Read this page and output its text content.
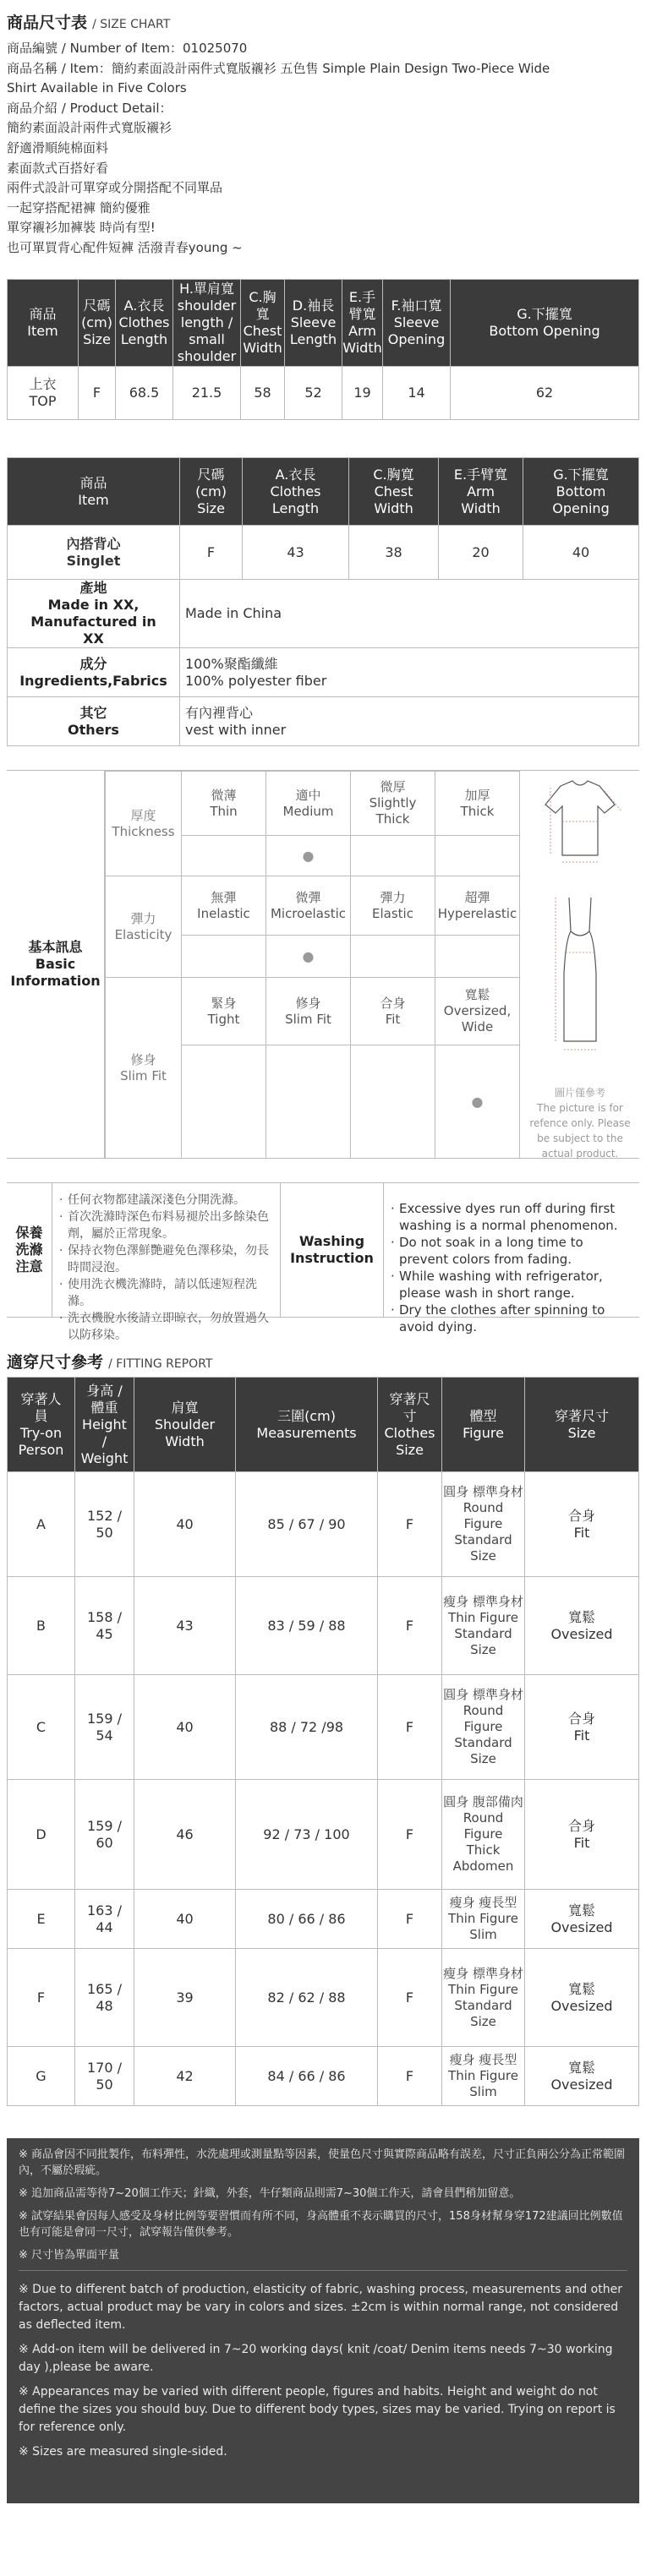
商品尺寸表 / SIZE CHART
商品編號 / Number of Item：01025070
商品名稱 / Item：簡約素面設計兩件式寬版襯衫 五色售 Simple Plain Design Two-Piece Wide
Shirt Available in Five Colors
商品介紹 / Product Detail：
簡約素面設計兩件式寬版襯衫
舒適滑順純棉面料
素面款式百搭好看
兩件式設計可單穿或分開搭配不同單品
一起穿搭配裙褲 簡約優雅
單穿襯衫加褲裝 時尚有型!
也可單買背心配件短褲 活潑青春young ~
商品
Item	尺碼
(cm)
Size	A.衣長
Clothes
Length	H.單肩寬
shoulder
length /
small
shoulder	C.胸
寬
Chest
Width	D.袖長
Sleeve
Length	E.手
臂寬
Arm
Width	F.袖口寬
Sleeve
Opening	G.下擺寬
Bottom Opening
上衣
TOP	F	68.5	21.5	58	52	19	14	62
商品
Item	尺碼
(cm)
Size	A.衣長
Clothes
Length	C.胸寬
Chest
Width	E.手臂寬
Arm
Width	G.下擺寬
Bottom
Opening
內搭背心
Singlet	F	43	38	20	40
產地
Made in XX,
Manufactured in
XX	Made in China				
成分
Ingredients,Fabrics	100%聚酯纖維
100% polyester fiber				
其它
Others	有內裡背心
vest with inner				
基本訊息
Basic
Information
厚度
Thickness	微薄
Thin	適中
Medium	微厚
Slightly
Thick	加厚
Thick
		●		
彈力
Elasticity	無彈
Inelastic	微彈
Microelastic	彈力
Elastic	超彈
Hyperelastic
		●		
修身
Slim Fit	緊身
Tight	修身
Slim Fit	合身
Fit	寬鬆
Oversized,
Wide
				●
圖片僅參考
The picture is for
refence only. Please
be subject to the
actual product.
保養
洗滌
注意
· 任何衣物都建議深淺色分開洗滌。
· 首次洗滌時深色布料易褪於出多餘染色劑，屬於正常現象。
· 保持衣物色澤鮮艷避免色澤移染，勿長時間浸泡。
· 使用洗衣機洗滌時，請以低速短程洗滌。
· 洗衣機脫水後請立即晾衣，勿放置過久以防移染。
Washing
Instruction
· Excessive dyes run off during first washing is a normal phenomenon.
· Do not soak in a long time to prevent colors from fading.
· While washing with refrigerator, please wash in short range.
· Dry the clothes after spinning to avoid dying.
適穿尺寸參考 / FITTING REPORT
穿著人
員
Try-on
Person	身高 /
體重
Height
/
Weight	肩寬
Shoulder
Width	三圍(cm)
Measurements	穿著尺
寸
Clothes
Size	體型
Figure	穿著尺寸
Size
A	152 /
50	40	85 / 67 / 90	F	圓身 標準身材
Round
Figure
Standard
Size	合身
Fit
B	158 /
45	43	83 / 59 / 88	F	瘦身 標準身材
Thin Figure
Standard
Size	寬鬆
Ovesized
C	159 /
54	40	88 / 72 /98	F	圓身 標準身材
Round
Figure
Standard
Size	合身
Fit
D	159 /
60	46	92 / 73 / 100	F	圓身 腹部備肉
Round
Figure
Thick
Abdomen	合身
Fit
E	163 /
44	40	80 / 66 / 86	F	瘦身 瘦長型
Thin Figure
Slim	寬鬆
Ovesized
F	165 /
48	39	82 / 62 / 88	F	瘦身 標準身材
Thin Figure
Standard
Size	寬鬆
Ovesized
G	170 /
50	42	84 / 66 / 86	F	瘦身 瘦長型
Thin Figure
Slim	寬鬆
Ovesized

※ 商品會因不同批製作，布料彈性，水洗處理或測量點等因素，使量色尺寸與實際商品略有誤差，尺寸正負兩公分為正常範圍內，不屬於瑕疵。

※ 追加商品需等待7~20個工作天；針織，外套，牛仔類商品則需7~30個工作天，請會員們稍加留意。

※ 試穿結果會因每人感受及身材比例等要習慣而有所不同，身高體重不表示購買的尺寸，158身材幫身穿172建議回比例數值也有可能是會同一尺寸，試穿報告僅供參考。

※ 尺寸皆為單面平量

※ Due to different batch of production, elasticity of fabric, washing process, measurements and other factors, actual product may be vary in colors and sizes. ±2cm is within normal range, not considered as deflected item.

※ Add-on item will be delivered in 7~20 working days( knit /coat/ Denim items needs 7~30 working day ),please be aware.

※ Appearances may be varied with different people, figures and habits. Height and weight do not define the sizes you should buy. Due to different body types, sizes may be varied. Trying on report is for reference only.

※ Sizes are measured single-sided.
